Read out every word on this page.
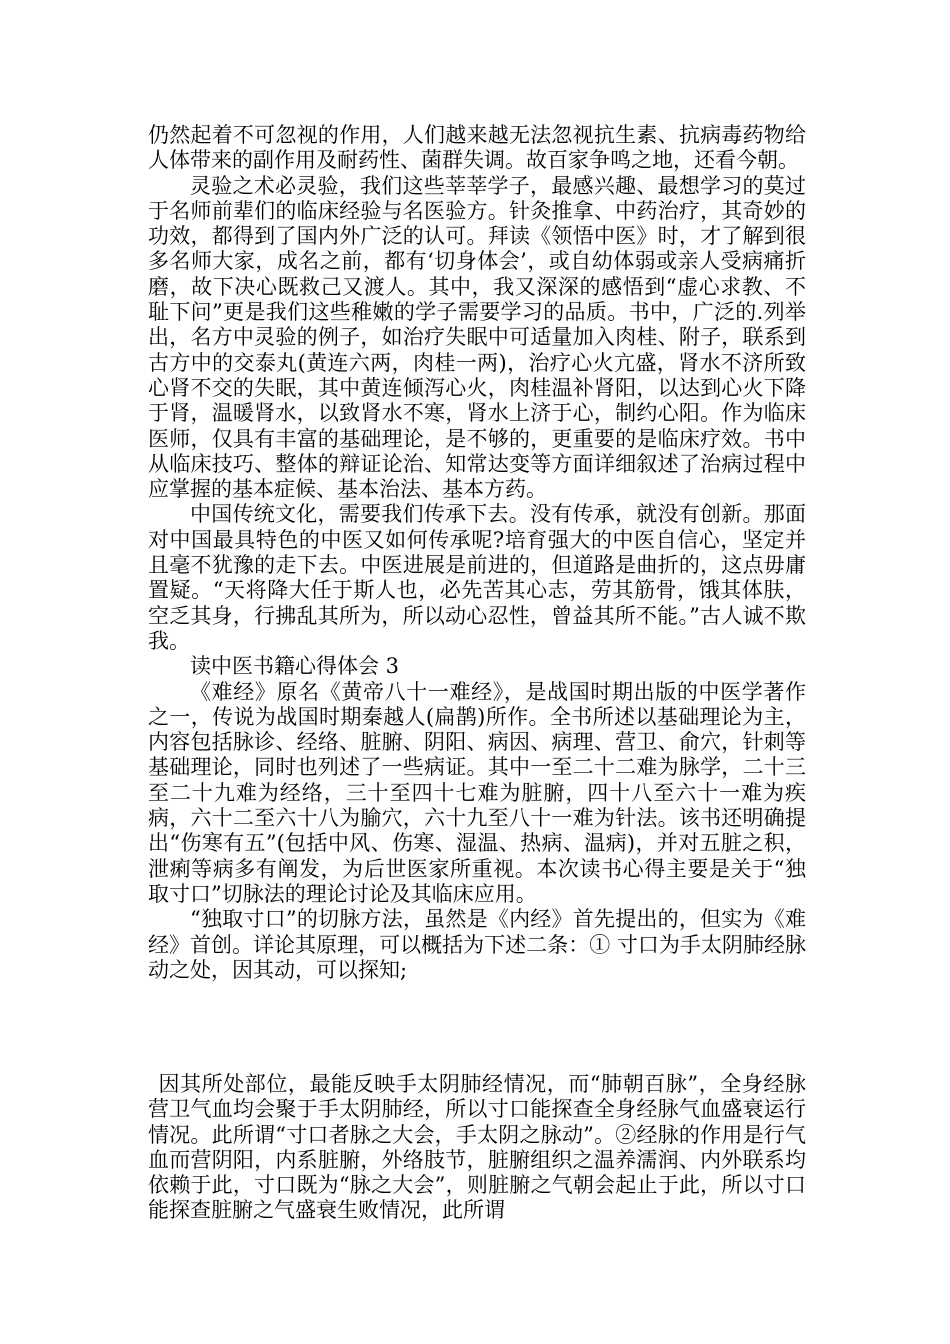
仍然起着不可忽视的作用，人们越来越无法忽视抗生素、抗病毒药物给人体带来的副作用及耐药性、菌群失调。故百家争鸣之地，还看今朝。

灵验之术必灵验，我们这些莘莘学子，最感兴趣、最想学习的莫过于名师前辈们的临床经验与名医验方。针灸推拿、中药治疗，其奇妙的功效，都得到了国内外广泛的认可。拜读《领悟中医》时，才了解到很多名师大家，成名之前，都有‘切身体会’，或自幼体弱或亲人受病痛折磨，故下决心既救己又渡人。其中，我又深深的感悟到“虚心求教、不耻下问”更是我们这些稚嫩的学子需要学习的品质。书中，广泛的.列举出，名方中灵验的例子，如治疗失眠中可适量加入肉桂、附子，联系到古方中的交泰丸(黄连六两，肉桂一两)，治疗心火亢盛，肾水不济所致心肾不交的失眠，其中黄连倾泻心火，肉桂温补肾阳，以达到心火下降于肾，温暖肾水，以致肾水不寒，肾水上济于心，制约心阳。作为临床医师，仅具有丰富的基础理论，是不够的，更重要的是临床疗效。书中从临床技巧、整体的辩证论治、知常达变等方面详细叙述了治病过程中应掌握的基本症候、基本治法、基本方药。

中国传统文化，需要我们传承下去。没有传承，就没有创新。那面对中国最具特色的中医又如何传承呢?培育强大的中医自信心，坚定并且毫不犹豫的走下去。中医进展是前进的，但道路是曲折的，这点毋庸置疑。“天将降大任于斯人也，必先苦其心志，劳其筋骨，饿其体肤，空乏其身，行拂乱其所为，所以动心忍性，曾益其所不能。”古人诚不欺我。

读中医书籍心得体会 3

《难经》原名《黄帝八十一难经》，是战国时期出版的中医学著作之一，传说为战国时期秦越人(扁鹊)所作。全书所述以基础理论为主，内容包括脉诊、经络、脏腑、阴阳、病因、病理、营卫、俞穴，针刺等基础理论，同时也列述了一些病证。其中一至二十二难为脉学，二十三至二十九难为经络，三十至四十七难为脏腑，四十八至六十一难为疾病，六十二至六十八为腧穴，六十九至八十一难为针法。该书还明确提出“伤寒有五”(包括中风、伤寒、湿温、热病、温病)，并对五脏之积，泄痢等病多有阐发，为后世医家所重视。本次读书心得主要是关于“独取寸口”切脉法的理论讨论及其临床应用。

“独取寸口”的切脉方法，虽然是《内经》首先提出的，但实为《难经》首创。详论其原理，可以概括为下述二条：① 寸口为手太阴肺经脉动之处，因其动，可以探知;

因其所处部位，最能反映手太阴肺经情况，而“肺朝百脉”，全身经脉营卫气血均会聚于手太阴肺经，所以寸口能探查全身经脉气血盛衰运行情况。此所谓“寸口者脉之大会，手太阴之脉动”。②经脉的作用是行气血而营阴阳，内系脏腑，外络肢节，脏腑组织之温养濡润、内外联系均依赖于此，寸口既为“脉之大会”，则脏腑之气朝会起止于此，所以寸口能探查脏腑之气盛衰生败情况，此所谓
